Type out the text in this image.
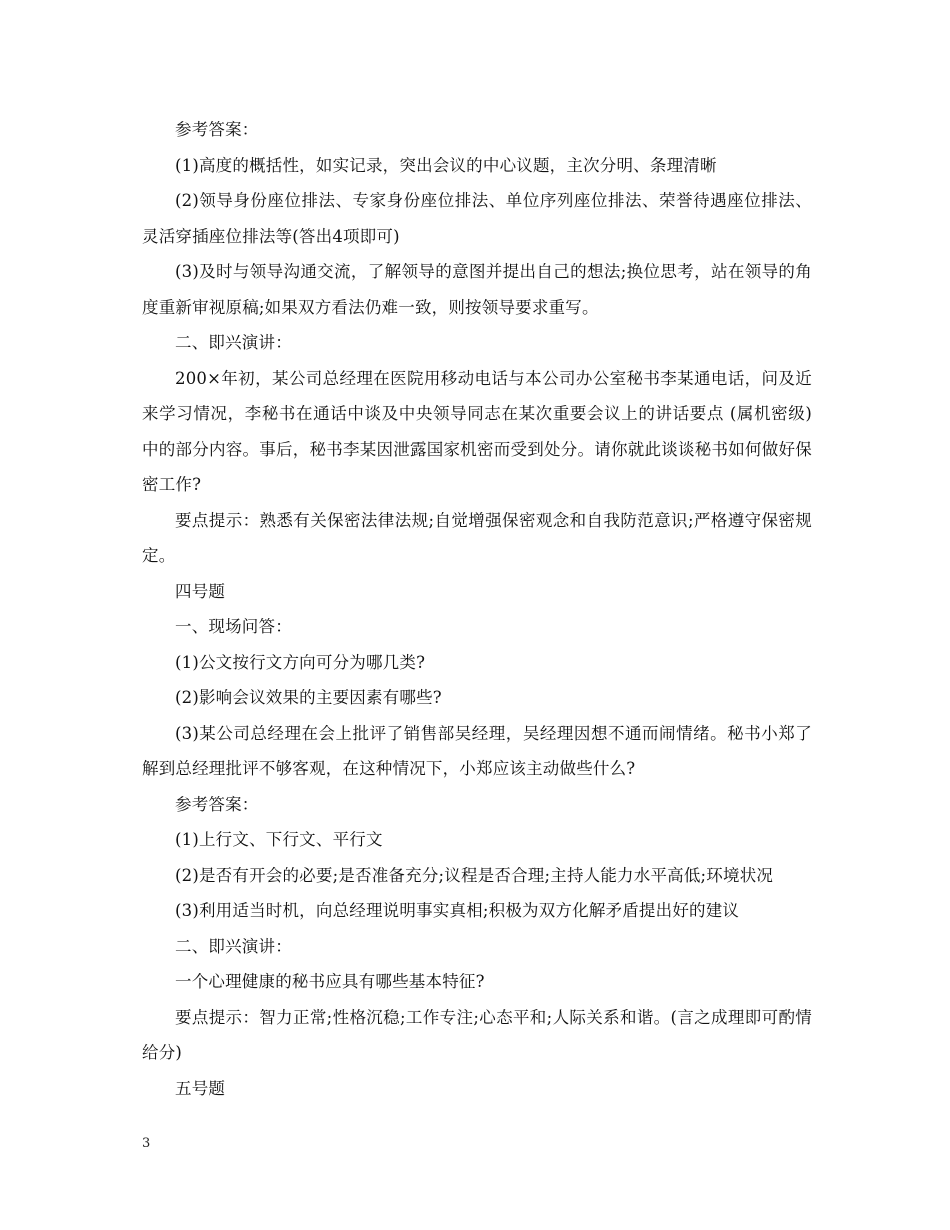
参考答案：

(1)高度的概括性，如实记录，突出会议的中心议题，主次分明、条理清晰

(2)领导身份座位排法、专家身份座位排法、单位序列座位排法、荣誉待遇座位排法、灵活穿插座位排法等(答出4项即可)

(3)及时与领导沟通交流，了解领导的意图并提出自己的想法;换位思考，站在领导的角度重新审视原稿;如果双方看法仍难一致，则按领导要求重写。

二、即兴演讲：

200×年初，某公司总经理在医院用移动电话与本公司办公室秘书李某通电话，问及近来学习情况，李秘书在通话中谈及中央领导同志在某次重要会议上的讲话要点 (属机密级)中的部分内容。事后，秘书李某因泄露国家机密而受到处分。请你就此谈谈秘书如何做好保密工作?

要点提示：熟悉有关保密法律法规;自觉增强保密观念和自我防范意识;严格遵守保密规定。

四号题

一、现场问答：

(1)公文按行文方向可分为哪几类?

(2)影响会议效果的主要因素有哪些?

(3)某公司总经理在会上批评了销售部吴经理，吴经理因想不通而闹情绪。秘书小郑了解到总经理批评不够客观，在这种情况下，小郑应该主动做些什么?

参考答案：

(1)上行文、下行文、平行文

(2)是否有开会的必要;是否准备充分;议程是否合理;主持人能力水平高低;环境状况

(3)利用适当时机，向总经理说明事实真相;积极为双方化解矛盾提出好的建议

二、即兴演讲：

一个心理健康的秘书应具有哪些基本特征?

要点提示：智力正常;性格沉稳;工作专注;心态平和;人际关系和谐。(言之成理即可酌情给分)

五号题

3
